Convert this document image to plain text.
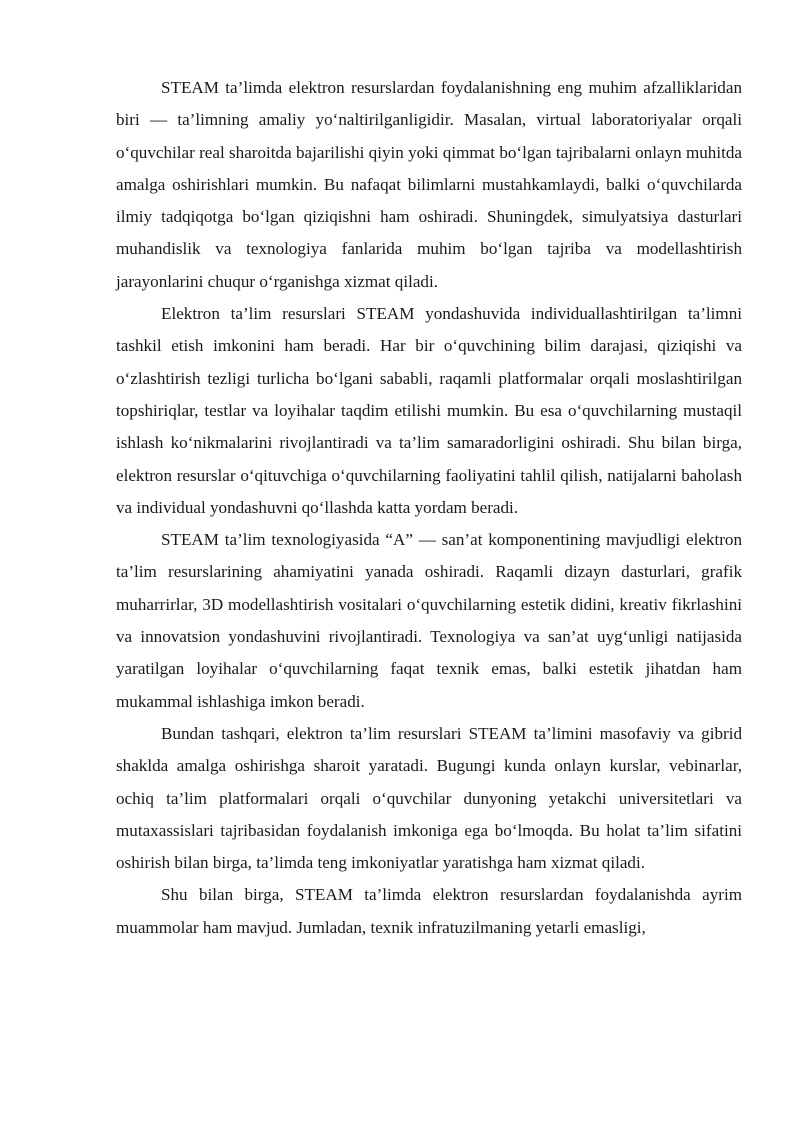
STEAM ta’limda elektron resurslardan foydalanishning eng muhim afzalliklaridan biri — ta’limning amaliy yo‘naltirilganligidir. Masalan, virtual laboratoriyalar orqali o‘quvchilar real sharoitda bajarilishi qiyin yoki qimmat bo‘lgan tajribalarni onlayn muhitda amalga oshirishlari mumkin. Bu nafaqat bilimlarni mustahkamlaydi, balki o‘quvchilarda ilmiy tadqiqotga bo‘lgan qiziqishni ham oshiradi. Shuningdek, simulyatsiya dasturlari muhandislik va texnologiya fanlarida muhim bo‘lgan tajriba va modellashtirish jarayonlarini chuqur o‘rganishga xizmat qiladi.

Elektron ta’lim resurslari STEAM yondashuvida individuallashtirilgan ta’limni tashkil etish imkonini ham beradi. Har bir o‘quvchining bilim darajasi, qiziqishi va o‘zlashtirish tezligi turlicha bo‘lgani sababli, raqamli platformalar orqali moslashtirilgan topshiriqlar, testlar va loyihalar taqdim etilishi mumkin. Bu esa o‘quvchilarning mustaqil ishlash ko‘nikmalarini rivojlantiradi va ta’lim samaradorligini oshiradi. Shu bilan birga, elektron resurslar o‘qituvchiga o‘quvchilarning faoliyatini tahlil qilish, natijalarni baholash va individual yondashuvni qo‘llashda katta yordam beradi.

STEAM ta’lim texnologiyasida “A” — san’at komponentining mavjudligi elektron ta’lim resurslarining ahamiyatini yanada oshiradi. Raqamli dizayn dasturlari, grafik muharrirlar, 3D modellashtirish vositalari o‘quvchilarning estetik didini, kreativ fikrlashini va innovatsion yondashuvini rivojlantiradi. Texnologiya va san’at uyg‘unligi natijasida yaratilgan loyihalar o‘quvchilarning faqat texnik emas, balki estetik jihatdan ham mukammal ishlashiga imkon beradi.

Bundan tashqari, elektron ta’lim resurslari STEAM ta’limini masofaviy va gibrid shaklda amalga oshirishga sharoit yaratadi. Bugungi kunda onlayn kurslar, vebinarlar, ochiq ta’lim platformalari orqali o‘quvchilar dunyoning yetakchi universitetlari va mutaxassislari tajribasidan foydalanish imkoniga ega bo‘lmoqda. Bu holat ta’lim sifatini oshirish bilan birga, ta’limda teng imkoniyatlar yaratishga ham xizmat qiladi.

Shu bilan birga, STEAM ta’limda elektron resurslardan foydalanishda ayrim muammolar ham mavjud. Jumladan, texnik infratuzilmaning yetarli emasligi,
